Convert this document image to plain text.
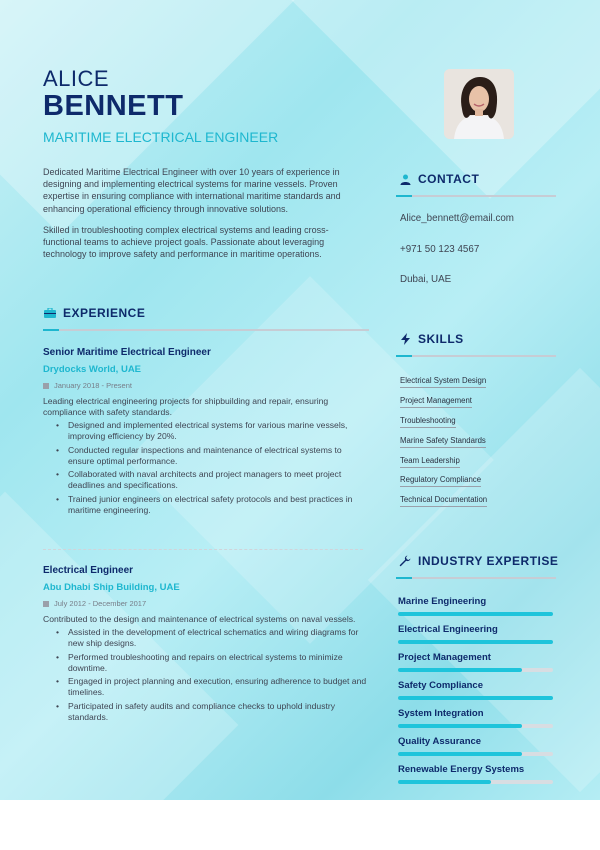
ALICE
BENNETT
MARITIME ELECTRICAL ENGINEER

Dedicated Maritime Electrical Engineer with over 10 years of experience in designing and implementing electrical systems for marine vessels. Proven expertise in ensuring compliance with international maritime standards and enhancing operational efficiency through innovative solutions.

Skilled in troubleshooting complex electrical systems and leading cross-functional teams to achieve project goals. Passionate about leveraging technology to improve safety and performance in maritime operations.

EXPERIENCE
Senior Maritime Electrical Engineer
Drydocks World, UAE
January 2018 - Present
Leading electrical engineering projects for shipbuilding and repair, ensuring compliance with safety standards.
• Designed and implemented electrical systems for various marine vessels, improving efficiency by 20%.
• Conducted regular inspections and maintenance of electrical systems to ensure optimal performance.
• Collaborated with naval architects and project managers to meet project deadlines and specifications.
• Trained junior engineers on electrical safety protocols and best practices in maritime engineering.
Electrical Engineer
Abu Dhabi Ship Building, UAE
July 2012 - December 2017
Contributed to the design and maintenance of electrical systems on naval vessels.
• Assisted in the development of electrical schematics and wiring diagrams for new ship designs.
• Performed troubleshooting and repairs on electrical systems to minimize downtime.
• Engaged in project planning and execution, ensuring adherence to budget and timelines.
• Participated in safety audits and compliance checks to uphold industry standards.
CONTACT
Alice_bennett@email.com
+971 50 123 4567
Dubai, UAE
SKILLS
Electrical System Design
Project Management
Troubleshooting
Marine Safety Standards
Team Leadership
Regulatory Compliance
Technical Documentation
INDUSTRY EXPERTISE
Marine Engineering
Electrical Engineering
Project Management
Safety Compliance
System Integration
Quality Assurance
Renewable Energy Systems
